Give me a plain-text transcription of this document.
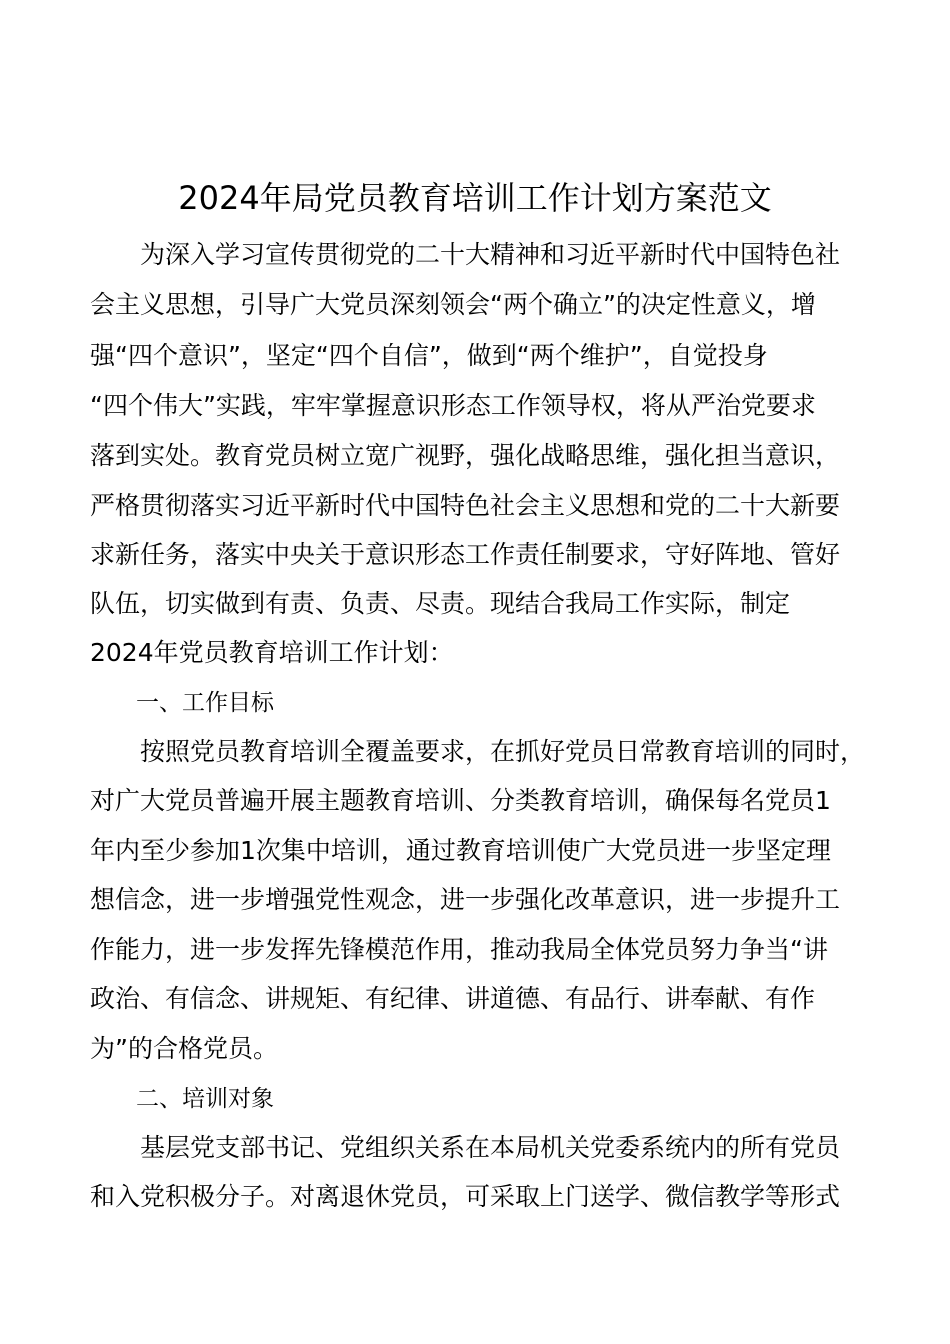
2024年局党员教育培训工作计划方案范文
　　为深入学习宣传贯彻党的二十大精神和习近平新时代中国特色社
会主义思想，引导广大党员深刻领会“两个确立”的决定性意义，增
强“四个意识”，坚定“四个自信”，做到“两个维护”，自觉投身
“四个伟大”实践，牢牢掌握意识形态工作领导权，将从严治党要求
落到实处。教育党员树立宽广视野，强化战略思维，强化担当意识，
严格贯彻落实习近平新时代中国特色社会主义思想和党的二十大新要
求新任务，落实中央关于意识形态工作责任制要求，守好阵地、管好
队伍，切实做到有责、负责、尽责。现结合我局工作实际，制定
2024年党员教育培训工作计划：
　　一、工作目标
　　按照党员教育培训全覆盖要求，在抓好党员日常教育培训的同时，
对广大党员普遍开展主题教育培训、分类教育培训，确保每名党员1
年内至少参加1次集中培训，通过教育培训使广大党员进一步坚定理
想信念，进一步增强党性观念，进一步强化改革意识，进一步提升工
作能力，进一步发挥先锋模范作用，推动我局全体党员努力争当“讲
政治、有信念、讲规矩、有纪律、讲道德、有品行、讲奉献、有作
为”的合格党员。
　　二、培训对象
　　基层党支部书记、党组织关系在本局机关党委系统内的所有党员
和入党积极分子。对离退休党员，可采取上门送学、微信教学等形式
